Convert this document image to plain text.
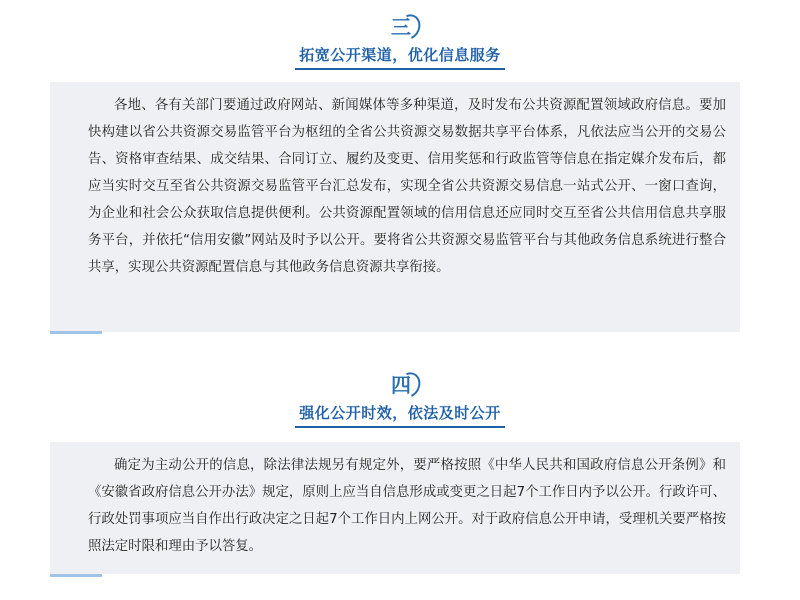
三
拓宽公开渠道，优化信息服务

各地、各有关部门要通过政府网站、新闻媒体等多种渠道，及时发布公共资源配置领域政府信息。要加快构建以省公共资源交易监管平台为枢纽的全省公共资源交易数据共享平台体系，凡依法应当公开的交易公告、资格审查结果、成交结果、合同订立、履约及变更、信用奖惩和行政监管等信息在指定媒介发布后，都应当实时交互至省公共资源交易监管平台汇总发布，实现全省公共资源交易信息一站式公开、一窗口查询，为企业和社会公众获取信息提供便利。公共资源配置领域的信用信息还应同时交互至省公共信用信息共享服务平台，并依托“信用安徽”网站及时予以公开。要将省公共资源交易监管平台与其他政务信息系统进行整合共享，实现公共资源配置信息与其他政务信息资源共享衔接。

四
强化公开时效，依法及时公开

确定为主动公开的信息，除法律法规另有规定外，要严格按照《中华人民共和国政府信息公开条例》和《安徽省政府信息公开办法》规定，原则上应当自信息形成或变更之日起7个工作日内予以公开。行政许可、行政处罚事项应当自作出行政决定之日起7个工作日内上网公开。对于政府信息公开申请，受理机关要严格按照法定时限和理由予以答复。
